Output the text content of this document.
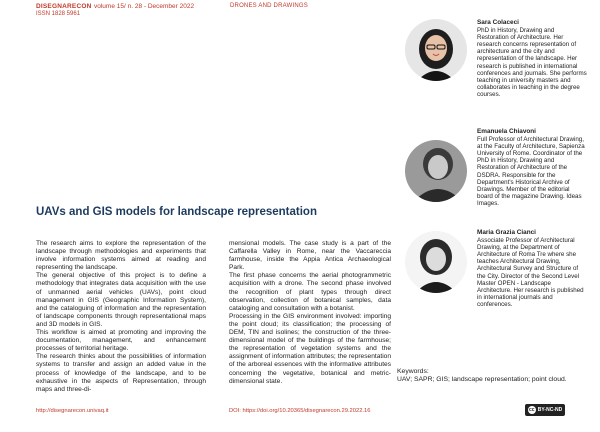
DISEGNARECON volume 15/ n. 28 - December 2022
ISSN 1828 5961
DRONES AND DRAWINGS
Sara Colaceci
PhD in History, Drawing and Restoration of Architecture. Her research concerns representation of architecture and the city and representation of the landscape. Her research is published in international conferences and journals. She performs teaching in university masters and collaborates in teaching in the degree courses.
Emanuela Chiavoni
Full Professor of Architectural Drawing, at the Faculty of Architecture, Sapienza University of Rome. Coordinator of the PhD in History, Drawing and Restoration of Architecture of the DSDRA. Responsible for the Department's Historical Archive of Drawings. Member of the editorial board of the magazine Drawing. Ideas Images.
Maria Grazia Cianci
Associate Professor of Architectural Drawing, at the Department of Architecture of Roma Tre where she teaches Architectural Drawing, Architectural Survey and Structure of the City. Director of the Second Level Master OPEN - Landscape Architecture. Her research is published in international journals and conferences.
UAVs and GIS models for landscape representation

The research aims to explore the representation of the landscape through methodologies and experiments that involve information systems aimed at reading and representing the landscape.

The general objective of this project is to define a methodology that integrates data acquisition with the use of unmanned aerial vehicles (UAVs), point cloud management in GIS (Geographic Information System), and the cataloguing of information and the representation of landscape components through representational maps and 3D models in GIS.

This workflow is aimed at promoting and improving the documentation, management, and enhancement processes of territorial heritage.

The research thinks about the possibilities of information systems to transfer and assign an added value in the process of knowledge of the landscape, and to be exhaustive in the aspects of Representation, through maps and three-di-

mensional models. The case study is a part of the Caffarella Valley in Rome, near the Vaccareccia farmhouse, inside the Appia Antica Archaeological Park.

The first phase concerns the aerial photogrammetric acquisition with a drone. The second phase involved the recognition of plant types through direct observation, collection of botanical samples, data cataloging and consultation with a botanist.

Processing in the GIS environment involved: importing the point cloud; its classification; the processing of DEM, TIN and isolines; the construction of the three-dimensional model of the buildings of the farmhouse; the representation of vegetation systems and the assignment of information attributes; the representation of the arboreal essences with the informative attributes concerning the vegetative, botanical and metric-dimensional state.

Keywords:
UAV; SAPR; GIS; landscape representation; point cloud.
http://disegnarecon.univaq.it	DOI: https://doi.org/10.20365/disegnarecon.29.2022.16	cc BY-NC-ND
